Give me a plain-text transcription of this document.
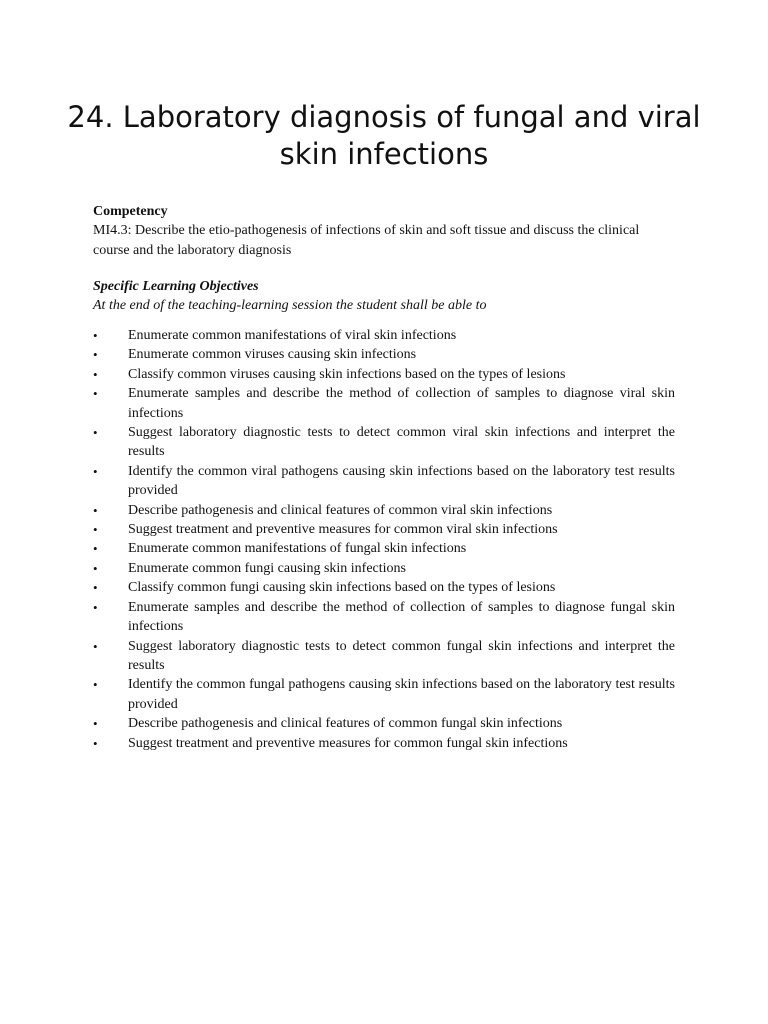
24. Laboratory diagnosis of fungal and viral skin infections
Competency
MI4.3: Describe the etio-pathogenesis of infections of skin and soft tissue and discuss the clinical course and the laboratory diagnosis
Specific Learning Objectives
At the end of the teaching-learning session the student shall be able to
•	Enumerate common manifestations of viral skin infections
•	Enumerate common viruses causing skin infections
•	Classify common viruses causing skin infections based on the types of lesions
•	Enumerate samples and describe the method of collection of samples to diagnose viral skin infections
•	Suggest laboratory diagnostic tests to detect common viral skin infections and interpret the results
•	Identify the common viral pathogens causing skin infections based on the laboratory test results provided
•	Describe pathogenesis and clinical features of common viral skin infections
•	Suggest treatment and preventive measures for common viral skin infections
•	Enumerate common manifestations of fungal skin infections
•	Enumerate common fungi causing skin infections
•	Classify common fungi causing skin infections based on the types of lesions
•	Enumerate samples and describe the method of collection of samples to diagnose fungal skin infections
•	Suggest laboratory diagnostic tests to detect common fungal skin infections and interpret the results
•	Identify the common fungal pathogens causing skin infections based on the laboratory test results provided
•	Describe pathogenesis and clinical features of common fungal skin infections
•	Suggest treatment and preventive measures for common fungal skin infections
